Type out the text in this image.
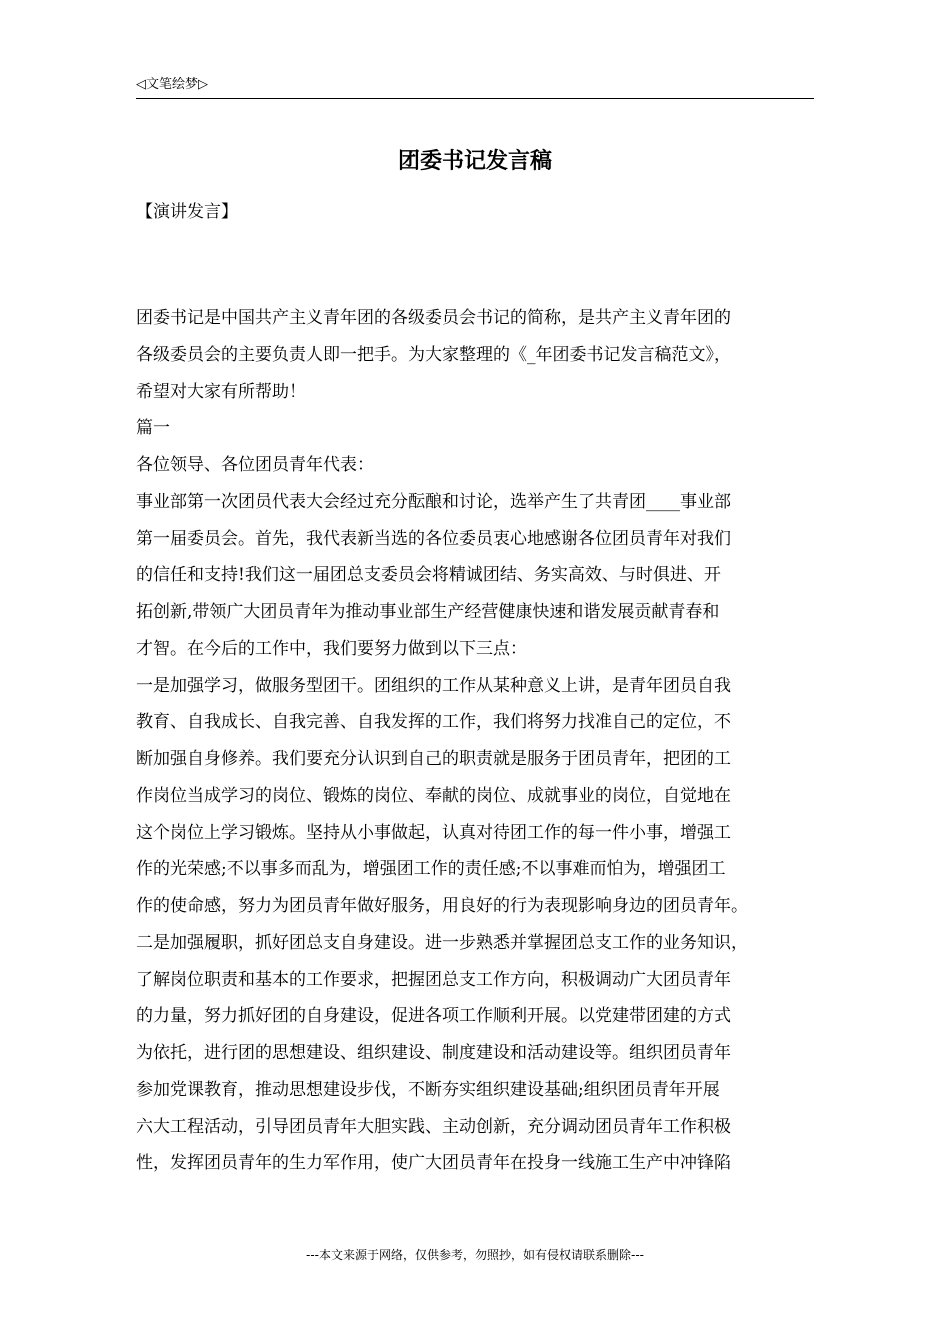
◁文笔绘梦▷
团委书记发言稿
【演讲发言】
团委书记是中国共产主义青年团的各级委员会书记的简称，是共产主义青年团的
各级委员会的主要负责人即一把手。为大家整理的《_年团委书记发言稿范文》，
希望对大家有所帮助！
篇一
各位领导、各位团员青年代表：
事业部第一次团员代表大会经过充分酝酿和讨论，选举产生了共青团____事业部
第一届委员会。首先，我代表新当选的各位委员衷心地感谢各位团员青年对我们
的信任和支持!我们这一届团总支委员会将精诚团结、务实高效、与时俱进、开
拓创新,带领广大团员青年为推动事业部生产经营健康快速和谐发展贡献青春和
才智。在今后的工作中，我们要努力做到以下三点：
一是加强学习，做服务型团干。团组织的工作从某种意义上讲，是青年团员自我
教育、自我成长、自我完善、自我发挥的工作，我们将努力找准自己的定位，不
断加强自身修养。我们要充分认识到自己的职责就是服务于团员青年，把团的工
作岗位当成学习的岗位、锻炼的岗位、奉献的岗位、成就事业的岗位，自觉地在
这个岗位上学习锻炼。坚持从小事做起，认真对待团工作的每一件小事，增强工
作的光荣感;不以事多而乱为，增强团工作的责任感;不以事难而怕为，增强团工
作的使命感，努力为团员青年做好服务，用良好的行为表现影响身边的团员青年。
二是加强履职，抓好团总支自身建设。进一步熟悉并掌握团总支工作的业务知识，
了解岗位职责和基本的工作要求，把握团总支工作方向，积极调动广大团员青年
的力量，努力抓好团的自身建设，促进各项工作顺利开展。以党建带团建的方式
为依托，进行团的思想建设、组织建设、制度建设和活动建设等。组织团员青年
参加党课教育，推动思想建设步伐，不断夯实组织建设基础;组织团员青年开展
六大工程活动，引导团员青年大胆实践、主动创新，充分调动团员青年工作积极
性，发挥团员青年的生力军作用，使广大团员青年在投身一线施工生产中冲锋陷
---本文来源于网络，仅供参考，勿照抄，如有侵权请联系删除---
